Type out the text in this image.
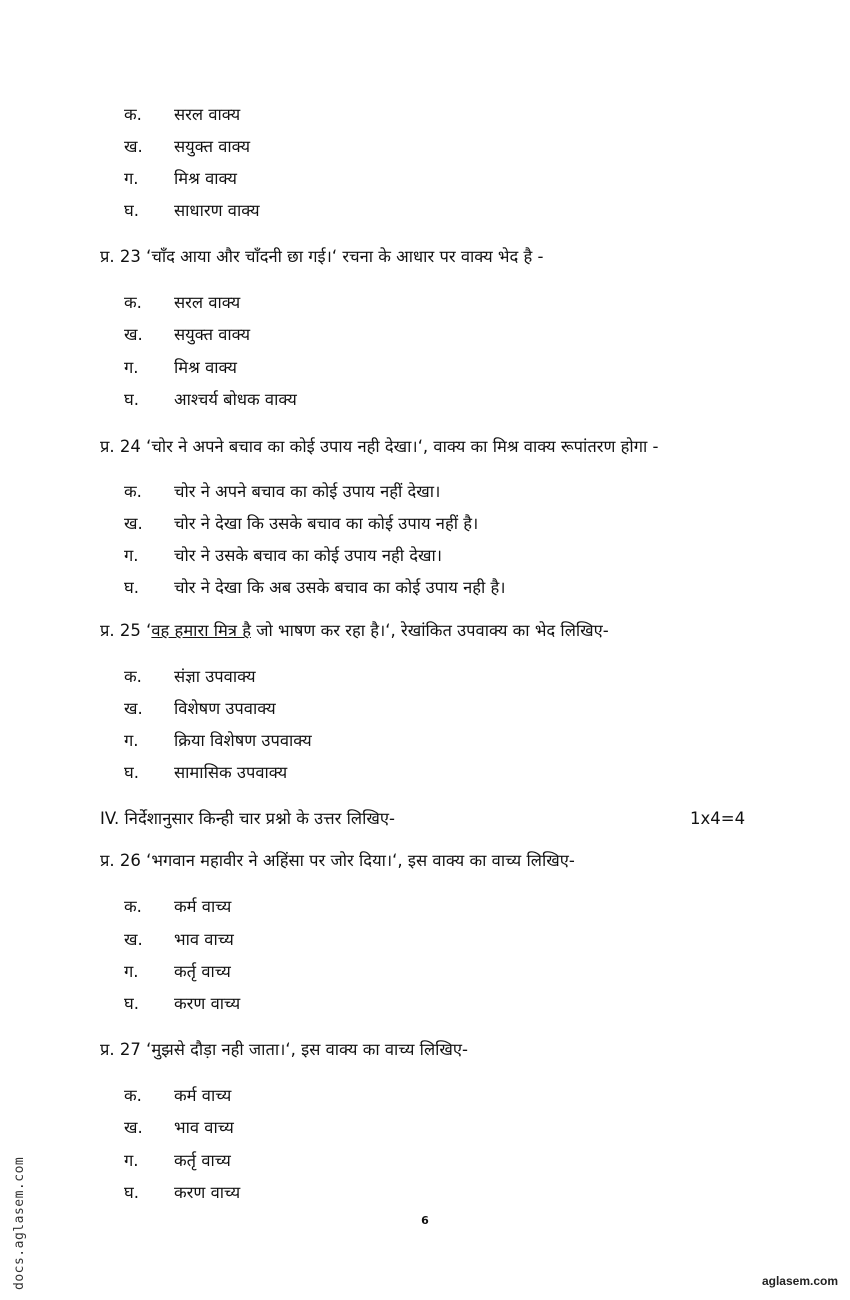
क. सरल वाक्य
ख. सयुक्त वाक्य
ग. मिश्र वाक्य
घ. साधारण वाक्य
प्र. 23 ‘चाँद आया और चाँदनी छा गई।‘ रचना के आधार पर वाक्य भेद है -
क. सरल वाक्य
ख. सयुक्त वाक्य
ग. मिश्र वाक्य
घ. आश्चर्य बोधक वाक्य
प्र. 24 ‘चोर ने अपने बचाव का कोई उपाय नही देखा।‘, वाक्य का मिश्र वाक्य रूपांतरण होगा -
क. चोर ने अपने बचाव का कोई उपाय नहीं देखा।
ख. चोर ने देखा कि उसके बचाव का कोई उपाय नहीं है।
ग. चोर ने उसके बचाव का कोई उपाय नही देखा।
घ. चोर ने देखा कि अब उसके बचाव का कोई उपाय नही है।
प्र. 25 ‘वह हमारा मित्र है जो भाषण कर रहा है।‘, रेखांकित उपवाक्य का भेद लिखिए-
क. संज्ञा उपवाक्य
ख. विशेषण उपवाक्य
ग. क्रिया विशेषण उपवाक्य
घ. सामासिक उपवाक्य
IV. निर्देशानुसार किन्ही चार प्रश्नो के उत्तर लिखिए-	1x4=4
प्र. 26 ‘भगवान महावीर ने अहिंसा पर जोर दिया।‘, इस वाक्य का वाच्य लिखिए-
क. कर्म वाच्य
ख. भाव वाच्य
ग. कर्तृ वाच्य
घ. करण वाच्य
प्र. 27 ‘मुझसे दौड़ा नही जाता।‘, इस वाक्य का वाच्य लिखिए-
क. कर्म वाच्य
ख. भाव वाच्य
ग. कर्तृ वाच्य
घ. करण वाच्य
6
docs.aglasem.com	aglasem.com
